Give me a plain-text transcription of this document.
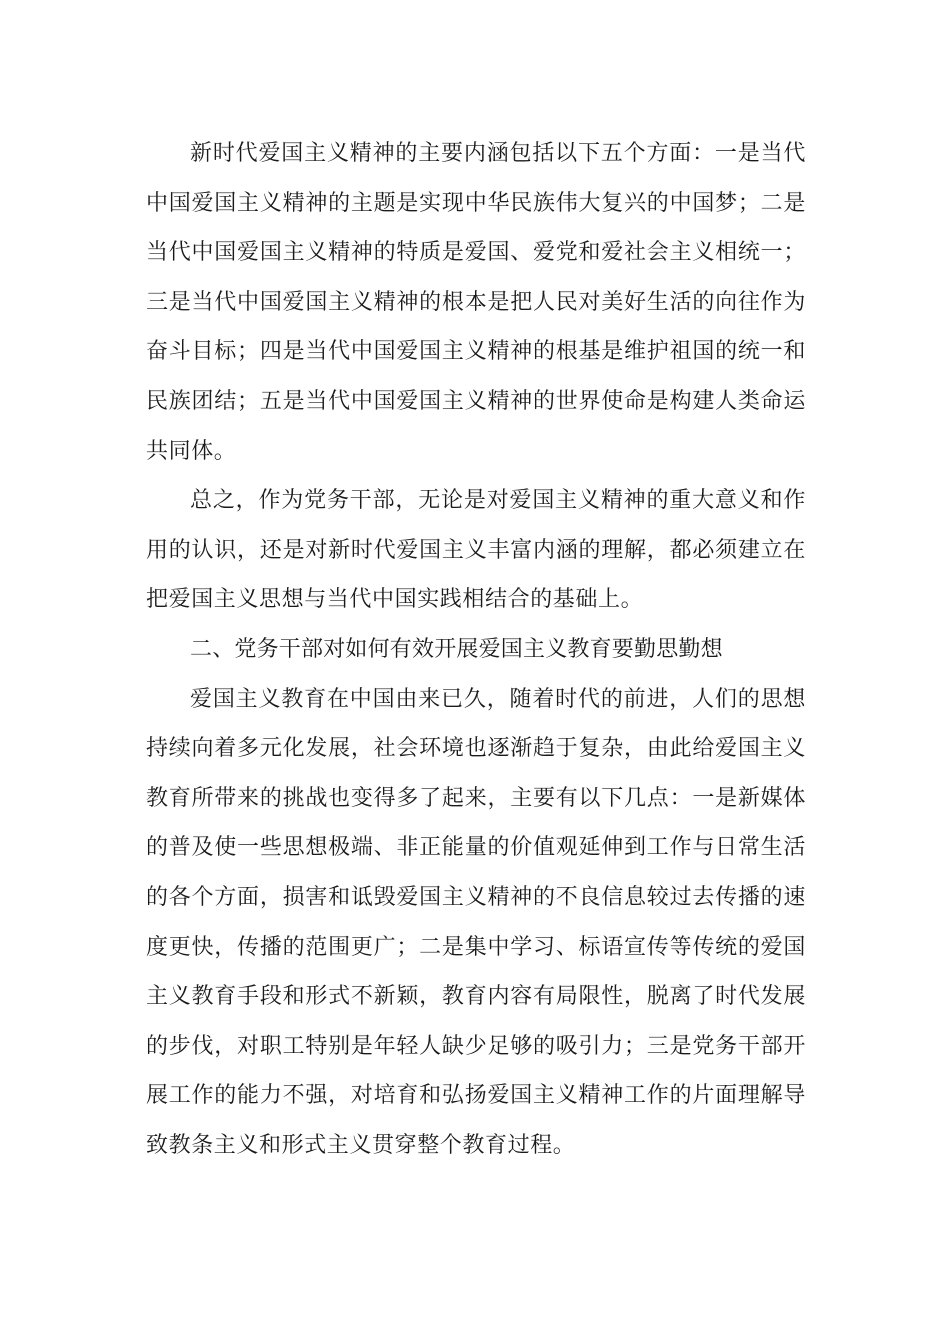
新时代爱国主义精神的主要内涵包括以下五个方面：一是当代中国爱国主义精神的主题是实现中华民族伟大复兴的中国梦；二是当代中国爱国主义精神的特质是爱国、爱党和爱社会主义相统一；三是当代中国爱国主义精神的根本是把人民对美好生活的向往作为奋斗目标；四是当代中国爱国主义精神的根基是维护祖国的统一和民族团结；五是当代中国爱国主义精神的世界使命是构建人类命运共同体。

总之，作为党务干部，无论是对爱国主义精神的重大意义和作用的认识，还是对新时代爱国主义丰富内涵的理解，都必须建立在把爱国主义思想与当代中国实践相结合的基础上。

二、党务干部对如何有效开展爱国主义教育要勤思勤想

爱国主义教育在中国由来已久，随着时代的前进，人们的思想持续向着多元化发展，社会环境也逐渐趋于复杂，由此给爱国主义教育所带来的挑战也变得多了起来，主要有以下几点：一是新媒体的普及使一些思想极端、非正能量的价值观延伸到工作与日常生活的各个方面，损害和诋毁爱国主义精神的不良信息较过去传播的速度更快，传播的范围更广；二是集中学习、标语宣传等传统的爱国主义教育手段和形式不新颖，教育内容有局限性，脱离了时代发展的步伐，对职工特别是年轻人缺少足够的吸引力；三是党务干部开展工作的能力不强，对培育和弘扬爱国主义精神工作的片面理解导致教条主义和形式主义贯穿整个教育过程。
